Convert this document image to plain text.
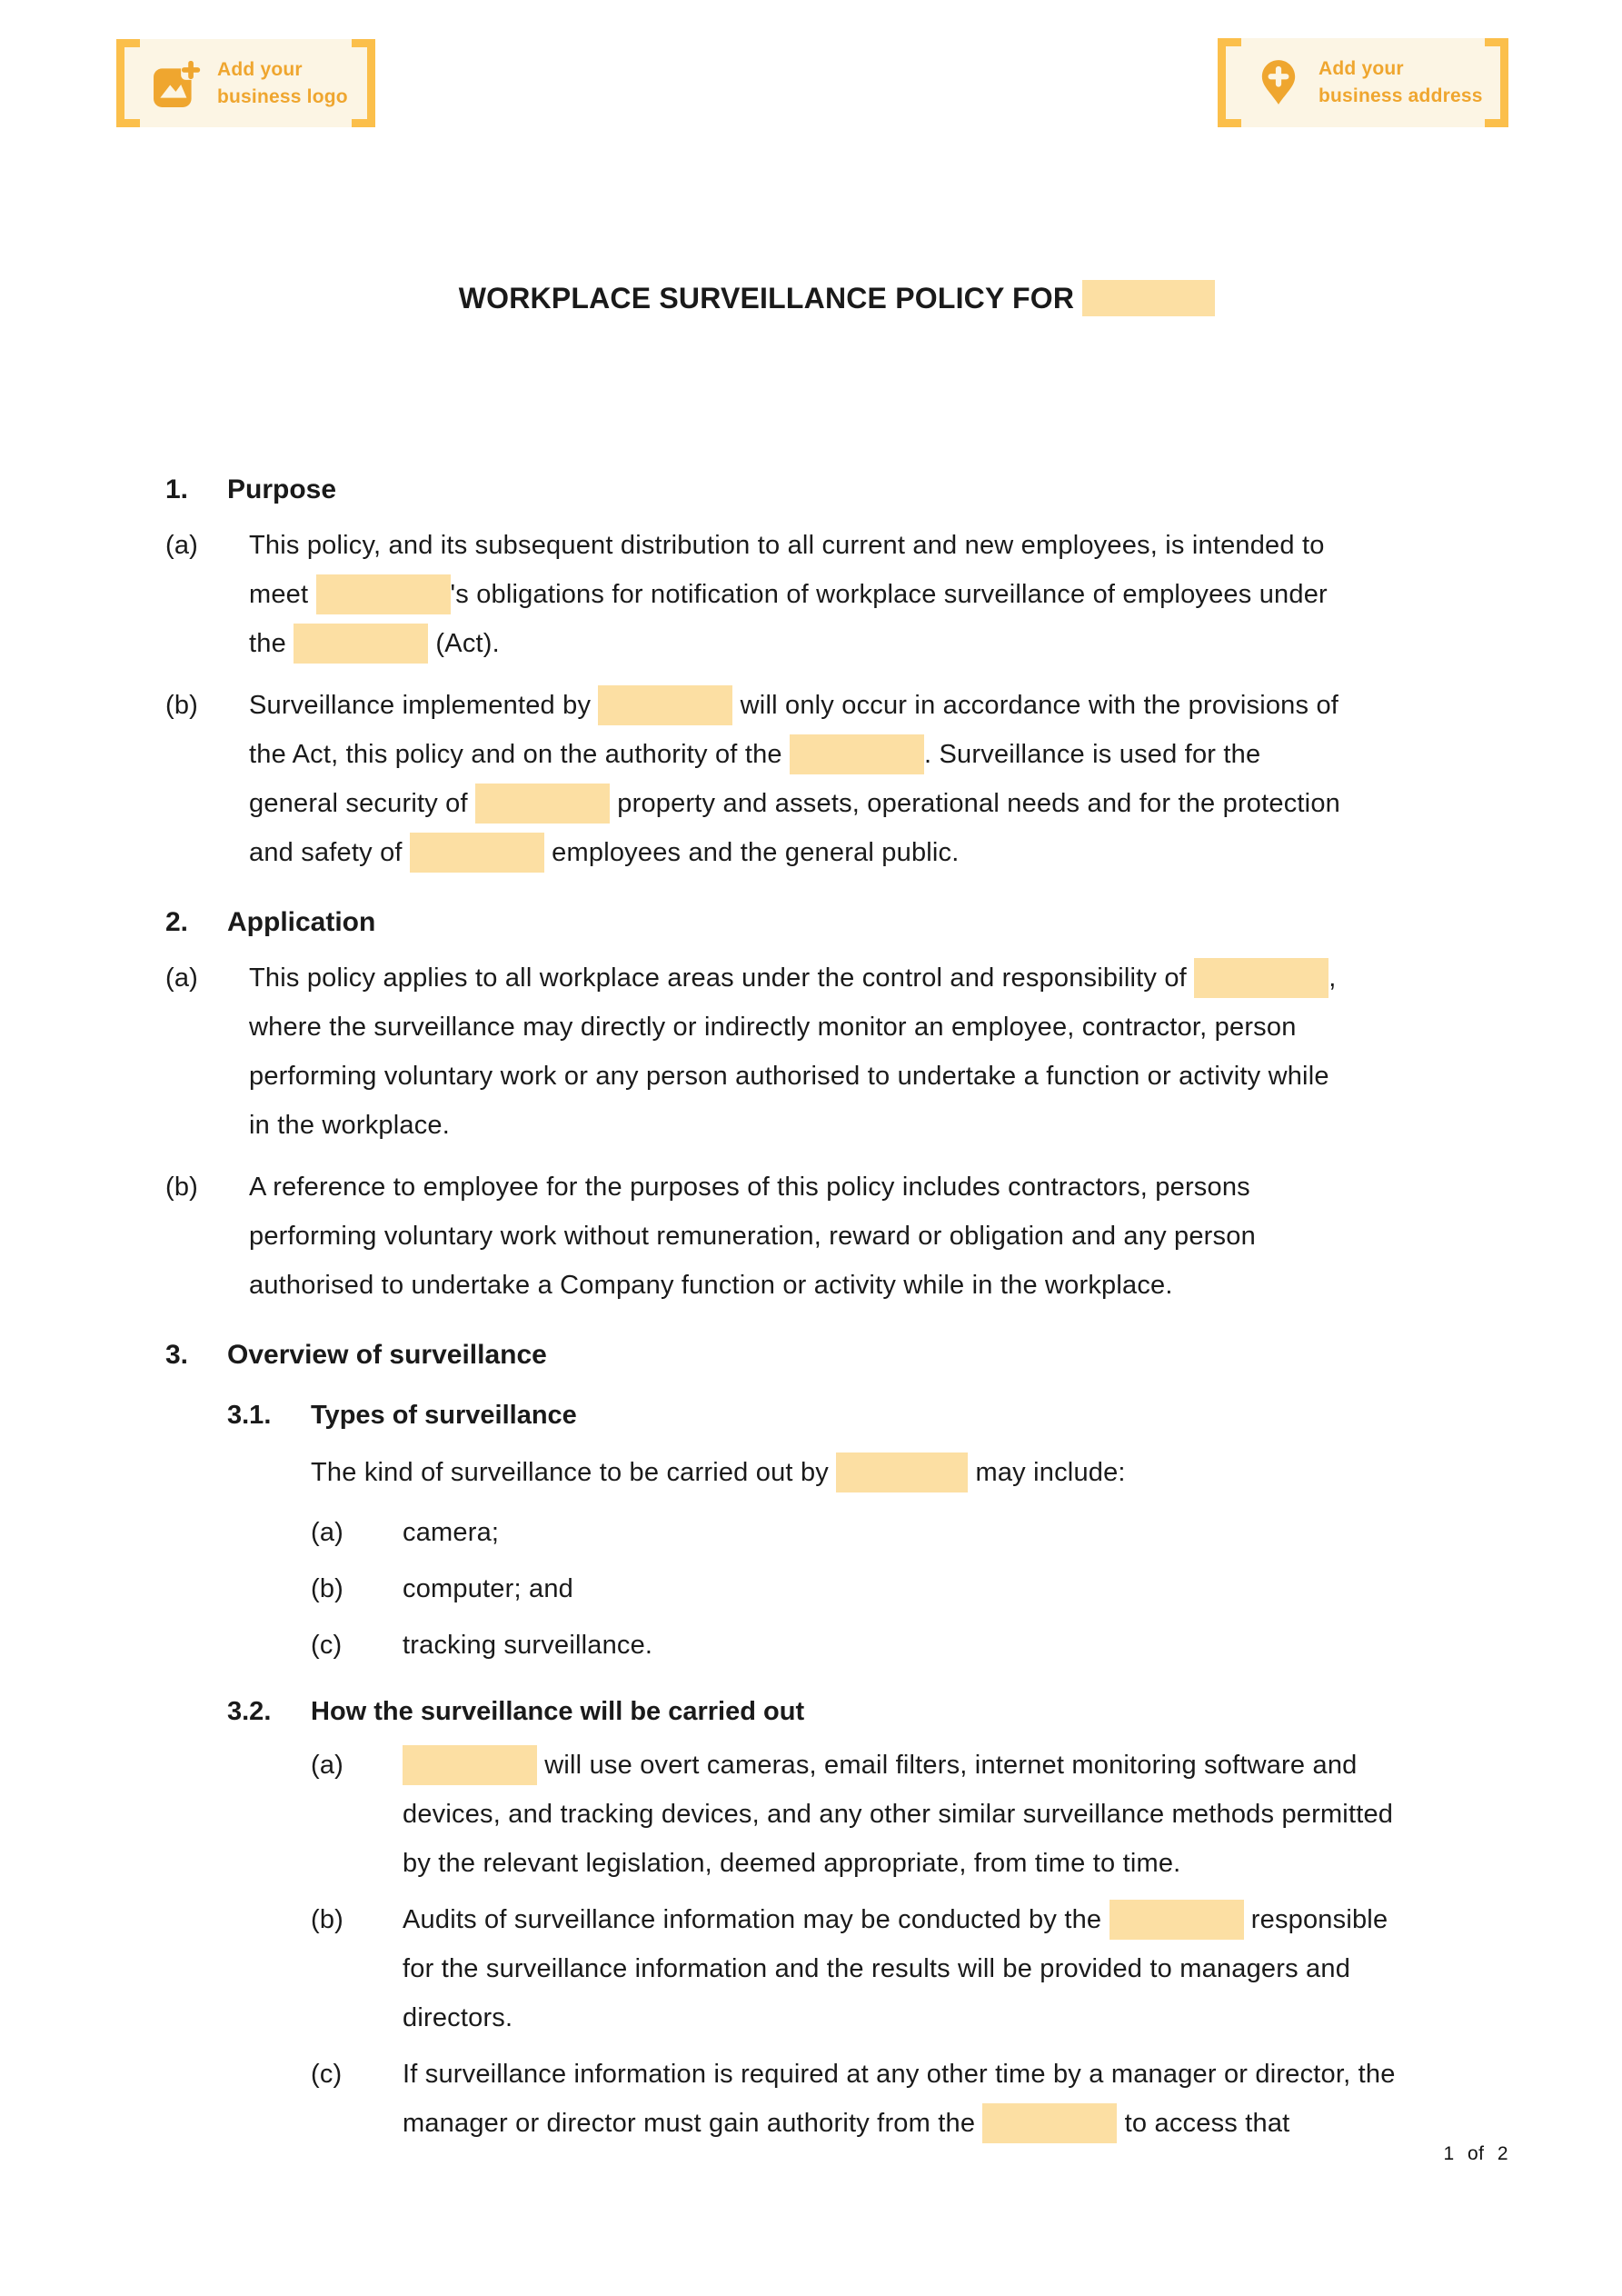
Add your
business logo
Add your
business address
WORKPLACE SURVEILLANCE POLICY FOR
1.	Purpose
(a)	This policy, and its subsequent distribution to all current and new employees, is intended to
meet	's obligations for notification of workplace surveillance of employees under
the	(Act).
(b)	Surveillance implemented by	will only occur in accordance with the provisions of
the Act, this policy and on the authority of the	. Surveillance is used for the
general security of	property and assets, operational needs and for the protection
and safety of	employees and the general public.
2.	Application
(a)	This policy applies to all workplace areas under the control and responsibility of	,
where the surveillance may directly or indirectly monitor an employee, contractor, person
performing voluntary work or any person authorised to undertake a function or activity while
in the workplace.
(b)	A reference to employee for the purposes of this policy includes contractors, persons
performing voluntary work without remuneration, reward or obligation and any person
authorised to undertake a Company function or activity while in the workplace.
3.	Overview of surveillance
3.1.	Types of surveillance
The kind of surveillance to be carried out by	may include:
(a)	camera;
(b)	computer; and
(c)	tracking surveillance.
3.2.	How the surveillance will be carried out
(a)	will use overt cameras, email filters, internet monitoring software and
devices, and tracking devices, and any other similar surveillance methods permitted
by the relevant legislation, deemed appropriate, from time to time.
(b)	Audits of surveillance information may be conducted by the	responsible
for the surveillance information and the results will be provided to managers and
directors.
(c)	If surveillance information is required at any other time by a manager or director, the
manager or director must gain authority from the	to access that
1 of 2
